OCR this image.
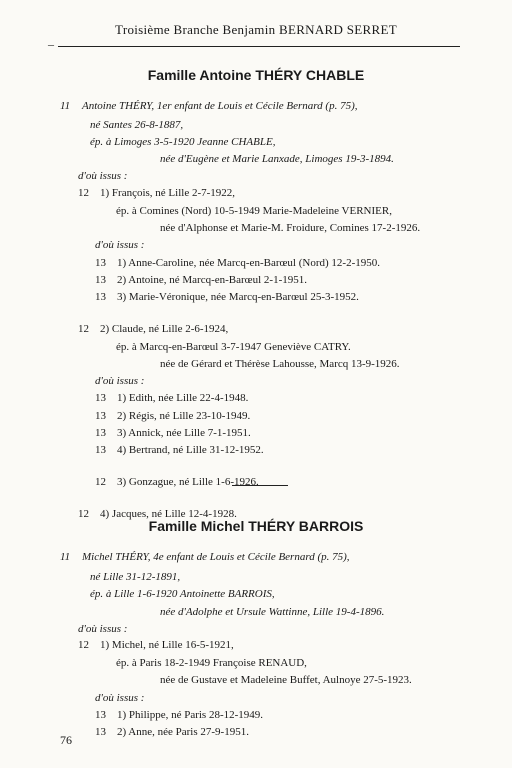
Troisième Branche Benjamin BERNARD SERRET
–
Famille Antoine THÉRY CHABLE
11 Antoine THÉRY, 1er enfant de Louis et Cécile Bernard (p. 75),
né Santes 26-8-1887,
ép. à Limoges 3-5-1920 Jeanne CHABLE,
née d'Eugène et Marie Lanxade, Limoges 19-3-1894.
d'où issus :
12 1) François, né Lille 2-7-1922,
ép. à Comines (Nord) 10-5-1949 Marie-Madeleine VERNIER,
née d'Alphonse et Marie-M. Froidure, Comines 17-2-1926.
d'où issus :
13 1) Anne-Caroline, née Marcq-en-Barœul (Nord) 12-2-1950.
13 2) Antoine, né Marcq-en-Barœul 2-1-1951.
13 3) Marie-Véronique, née Marcq-en-Barœul 25-3-1952.
12 2) Claude, né Lille 2-6-1924,
ép. à Marcq-en-Barœul 3-7-1947 Geneviève CATRY.
née de Gérard et Thérèse Lahousse, Marcq 13-9-1926.
d'où issus :
13 1) Edith, née Lille 22-4-1948.
13 2) Régis, né Lille 23-10-1949.
13 3) Annick, née Lille 7-1-1951.
13 4) Bertrand, né Lille 31-12-1952.
12 3) Gonzague, né Lille 1-6-1926.
12 4) Jacques, né Lille 12-4-1928.
Famille Michel THÉRY BARROIS
11 Michel THÉRY, 4e enfant de Louis et Cécile Bernard (p. 75),
né Lille 31-12-1891,
ép. à Lille 1-6-1920 Antoinette BARROIS,
née d'Adolphe et Ursule Wattinne, Lille 19-4-1896.
d'où issus :
12 1) Michel, né Lille 16-5-1921,
ép. à Paris 18-2-1949 Françoise RENAUD,
née de Gustave et Madeleine Buffet, Aulnoye 27-5-1923.
d'où issus :
13 1) Philippe, né Paris 28-12-1949.
13 2) Anne, née Paris 27-9-1951.
76
